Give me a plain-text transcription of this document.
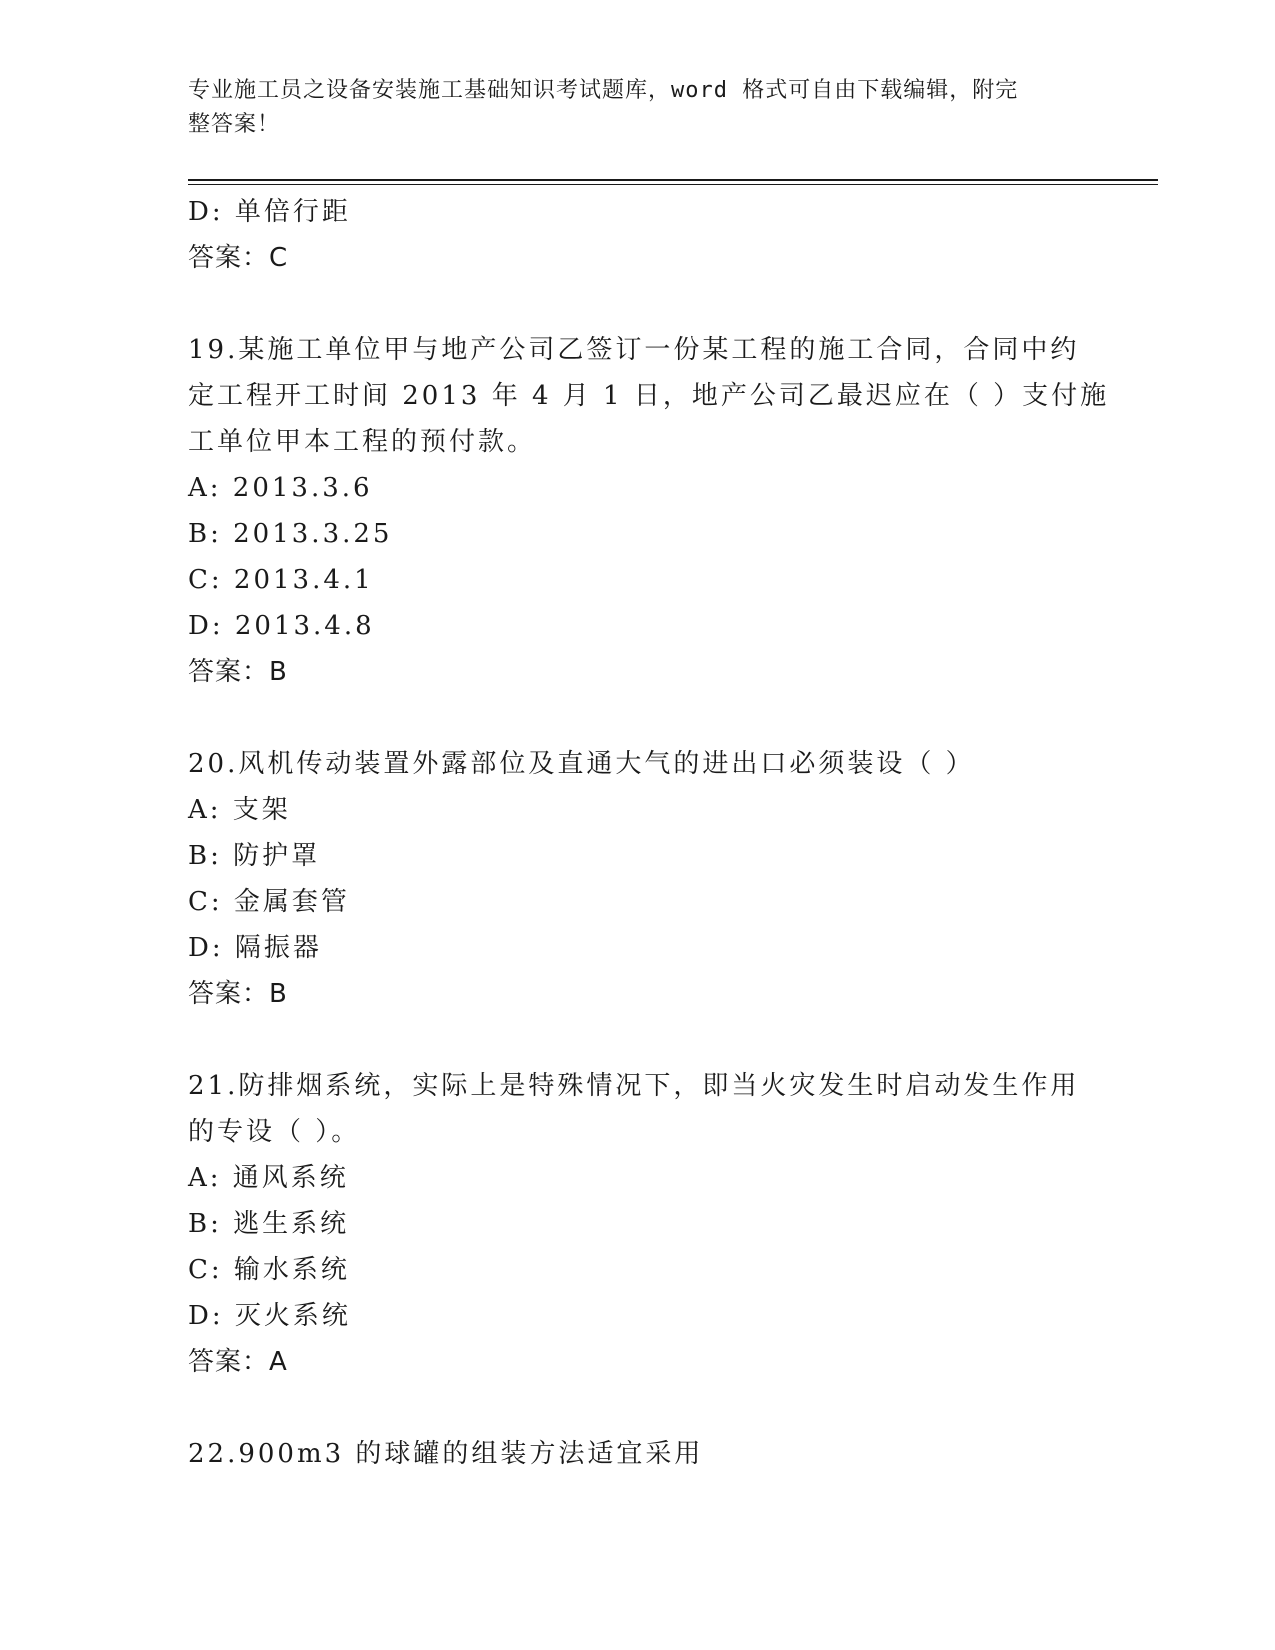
专业施工员之设备安装施工基础知识考试题库，word 格式可自由下载编辑，附完
整答案！
D: 单倍行距
答案：C
19.某施工单位甲与地产公司乙签订一份某工程的施工合同，合同中约
定工程开工时间 2013 年 4 月 1 日，地产公司乙最迟应在（ ）支付施
工单位甲本工程的预付款。
A: 2013.3.6
B: 2013.3.25
C: 2013.4.1
D: 2013.4.8
答案：B
20.风机传动装置外露部位及直通大气的进出口必须装设（ ）
A: 支架
B: 防护罩
C: 金属套管
D: 隔振器
答案：B
21.防排烟系统，实际上是特殊情况下，即当火灾发生时启动发生作用
的专设（ ）。
A: 通风系统
B: 逃生系统
C: 输水系统
D: 灭火系统
答案：A
22.900m3 的球罐的组装方法适宜采用
